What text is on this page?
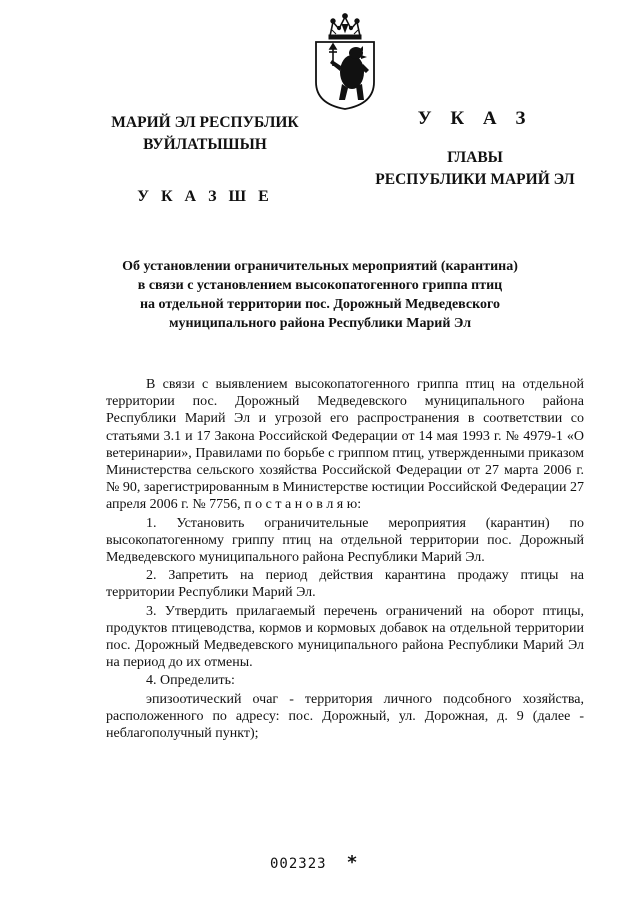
МАРИЙ ЭЛ РЕСПУБЛИК
ВУЙЛАТЫШЫН
У К А З Ш Е
У К А З
ГЛАВЫ
РЕСПУБЛИКИ МАРИЙ ЭЛ
Об установлении ограничительных мероприятий (карантина)
в связи с установлением высокопатогенного гриппа птиц
на отдельной территории пос. Дорожный Медведевского
муниципального района Республики Марий Эл

В связи с выявлением высокопатогенного гриппа птиц на отдельной территории пос. Дорожный Медведевского муниципального района Республики Марий Эл и угрозой его распространения в соответствии со статьями 3.1 и 17 Закона Российской Федерации от 14 мая 1993 г. № 4979-1 «О ветеринарии», Правилами по борьбе с гриппом птиц, утвержденными приказом Министерства сельского хозяйства Российской Федерации от 27 марта 2006 г. № 90, зарегистрированным в Министерстве юстиции Российской Федерации 27 апреля 2006 г. № 7756, п о с т а н о в л я ю:

1. Установить ограничительные мероприятия (карантин) по высокопатогенному гриппу птиц на отдельной территории пос. Дорожный Медведевского муниципального района Республики Марий Эл.

2. Запретить на период действия карантина продажу птицы на территории Республики Марий Эл.

3. Утвердить прилагаемый перечень ограничений на оборот птицы, продуктов птицеводства, кормов и кормовых добавок на отдельной территории пос. Дорожный Медведевского муниципального района Республики Марий Эл на период до их отмены.

4. Определить:

эпизоотический очаг - территория личного подсобного хозяйства, расположенного по адресу: пос. Дорожный, ул. Дорожная, д. 9 (далее - неблагополучный пункт);

002323 *
